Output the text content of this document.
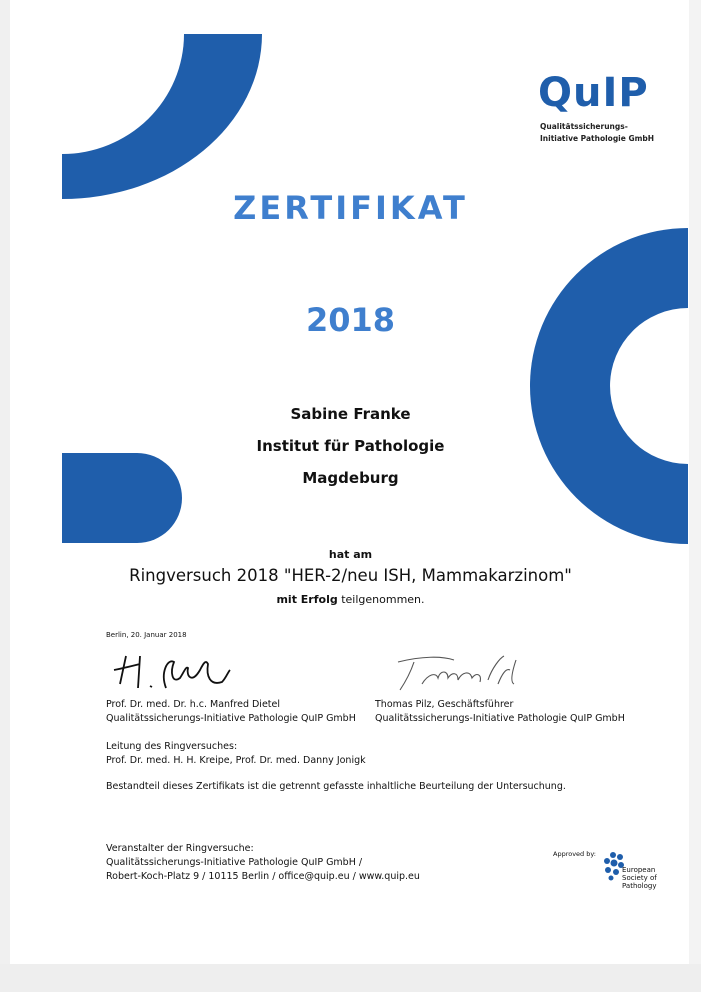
QuIP
Qualitätssicherungs-
Initiative Pathologie GmbH
ZERTIFIKAT
2018
Sabine Franke
Institut für Pathologie
Magdeburg
hat am
Ringversuch 2018 "HER-2/neu ISH, Mammakarzinom"
mit Erfolg teilgenommen.
Berlin, 20. Januar 2018
Prof. Dr. med. Dr. h.c. Manfred Dietel
Qualitätssicherungs-Initiative Pathologie QuIP GmbH
Thomas Pilz, Geschäftsführer
Qualitätssicherungs-Initiative Pathologie QuIP GmbH
Leitung des Ringversuches:
Prof. Dr. med. H. H. Kreipe, Prof. Dr. med. Danny Jonigk
Bestandteil dieses Zertifikats ist die getrennt gefasste inhaltliche Beurteilung der Untersuchung.
Veranstalter der Ringversuche:
Qualitätssicherungs-Initiative Pathologie QuIP GmbH /
Robert-Koch-Platz 9 / 10115 Berlin / office@quip.eu / www.quip.eu
Approved by:
European
Society of
Pathology
